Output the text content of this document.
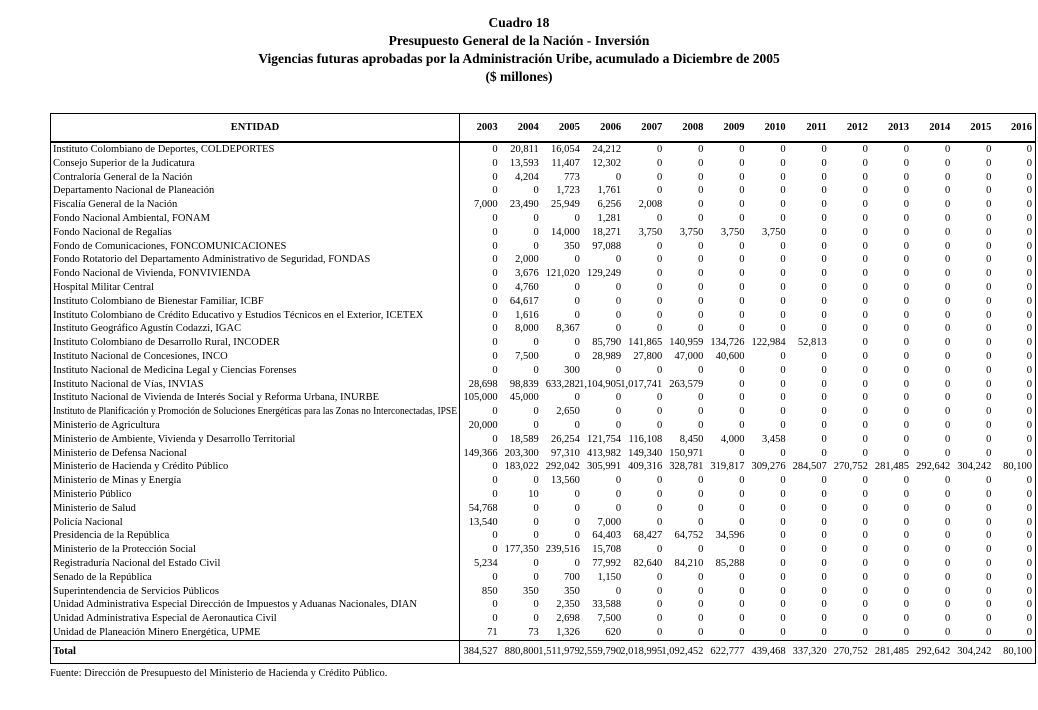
Cuadro 18
Presupuesto General de la Nación - Inversión
Vigencias futuras aprobadas por la Administración Uribe, acumulado a Diciembre de 2005
($ millones)
ENTIDAD	2003	2004	2005	2006	2007	2008	2009	2010	2011	2012	2013	2014	2015	2016
Instituto Colombiano de Deportes, COLDEPORTES	0	20,811	16,054	24,212	0	0	0	0	0	0	0	0	0	0

Consejo Superior de la Judicatura	0	13,593	11,407	12,302	0	0	0	0	0	0	0	0	0	0

Contraloría General de la Nación	0	4,204	773	0	0	0	0	0	0	0	0	0	0	0

Departamento Nacional de Planeación	0	0	1,723	1,761	0	0	0	0	0	0	0	0	0	0

Fiscalía General de la Nación	7,000	23,490	25,949	6,256	2,008	0	0	0	0	0	0	0	0	0

Fondo Nacional Ambiental, FONAM	0	0	0	1,281	0	0	0	0	0	0	0	0	0	0

Fondo Nacional de Regalías	0	0	14,000	18,271	3,750	3,750	3,750	3,750	0	0	0	0	0	0

Fondo de Comunicaciones, FONCOMUNICACIONES	0	0	350	97,088	0	0	0	0	0	0	0	0	0	0

Fondo Rotatorio del Departamento Administrativo de Seguridad, FONDAS	0	2,000	0	0	0	0	0	0	0	0	0	0	0	0

Fondo Nacional de Vivienda, FONVIVIENDA	0	3,676	121,020	129,249	0	0	0	0	0	0	0	0	0	0

Hospital Militar Central	0	4,760	0	0	0	0	0	0	0	0	0	0	0	0

Instituto Colombiano de Bienestar Familiar, ICBF	0	64,617	0	0	0	0	0	0	0	0	0	0	0	0

Instituto Colombiano de Crédito Educativo y Estudios Técnicos en el Exterior, ICETEX	0	1,616	0	0	0	0	0	0	0	0	0	0	0	0

Instituto Geográfico Agustín Codazzi, IGAC	0	8,000	8,367	0	0	0	0	0	0	0	0	0	0	0

Instituto Colombiano de Desarrollo Rural, INCODER	0	0	0	85,790	141,865	140,959	134,726	122,984	52,813	0	0	0	0	0

Instituto Nacional de Concesiones, INCO	0	7,500	0	28,989	27,800	47,000	40,600	0	0	0	0	0	0	0

Instituto Nacional de Medicina Legal y Ciencias Forenses	0	0	300	0	0	0	0	0	0	0	0	0	0	0

Instituto Nacional de Vías, INVIAS	28,698	98,839	633,282	1,104,905	1,017,741	263,579	0	0	0	0	0	0	0	0

Instituto Nacional de Vivienda de Interés Social y Reforma Urbana, INURBE	105,000	45,000	0	0	0	0	0	0	0	0	0	0	0	0

Instituto de Planificación y Promoción de Soluciones Energéticas para las Zonas no Interconectadas, IPSE	0	0	2,650	0	0	0	0	0	0	0	0	0	0	0

Ministerio de Agricultura	20,000	0	0	0	0	0	0	0	0	0	0	0	0	0

Ministerio de Ambiente, Vivienda y Desarrollo Territorial	0	18,589	26,254	121,754	116,108	8,450	4,000	3,458	0	0	0	0	0	0

Ministerio de Defensa Nacional	149,366	203,300	97,310	413,982	149,340	150,971	0	0	0	0	0	0	0	0

Ministerio de Hacienda y Crédito Público	0	183,022	292,042	305,991	409,316	328,781	319,817	309,276	284,507	270,752	281,485	292,642	304,242	80,100

Ministerio de Minas y Energía	0	0	13,560	0	0	0	0	0	0	0	0	0	0	0

Ministerio Público	0	10	0	0	0	0	0	0	0	0	0	0	0	0

Ministerio de Salud	54,768	0	0	0	0	0	0	0	0	0	0	0	0	0

Policía Nacional	13,540	0	0	7,000	0	0	0	0	0	0	0	0	0	0

Presidencia de la República	0	0	0	64,403	68,427	64,752	34,596	0	0	0	0	0	0	0

Ministerio de la Protección Social	0	177,350	239,516	15,708	0	0	0	0	0	0	0	0	0	0

Registraduría Nacional del Estado Civil	5,234	0	0	77,992	82,640	84,210	85,288	0	0	0	0	0	0	0

Senado de la República	0	0	700	1,150	0	0	0	0	0	0	0	0	0	0

Superintendencia de Servicios Públicos	850	350	350	0	0	0	0	0	0	0	0	0	0	0

Unidad Administrativa Especial Dirección de Impuestos y Aduanas Nacionales, DIAN	0	0	2,350	33,588	0	0	0	0	0	0	0	0	0	0

Unidad Administrativa Especial de Aeronautica Civil	0	0	2,698	7,500	0	0	0	0	0	0	0	0	0	0

Unidad de Planeación Minero Energética, UPME	71	73	1,326	620	0	0	0	0	0	0	0	0	0	0

Total	384,527	880,800	1,511,979	2,559,790	2,018,995	1,092,452	622,777	439,468	337,320	270,752	281,485	292,642	304,242	80,100
Fuente: Dirección de Presupuesto del Ministerio de Hacienda y Crédito Público.
